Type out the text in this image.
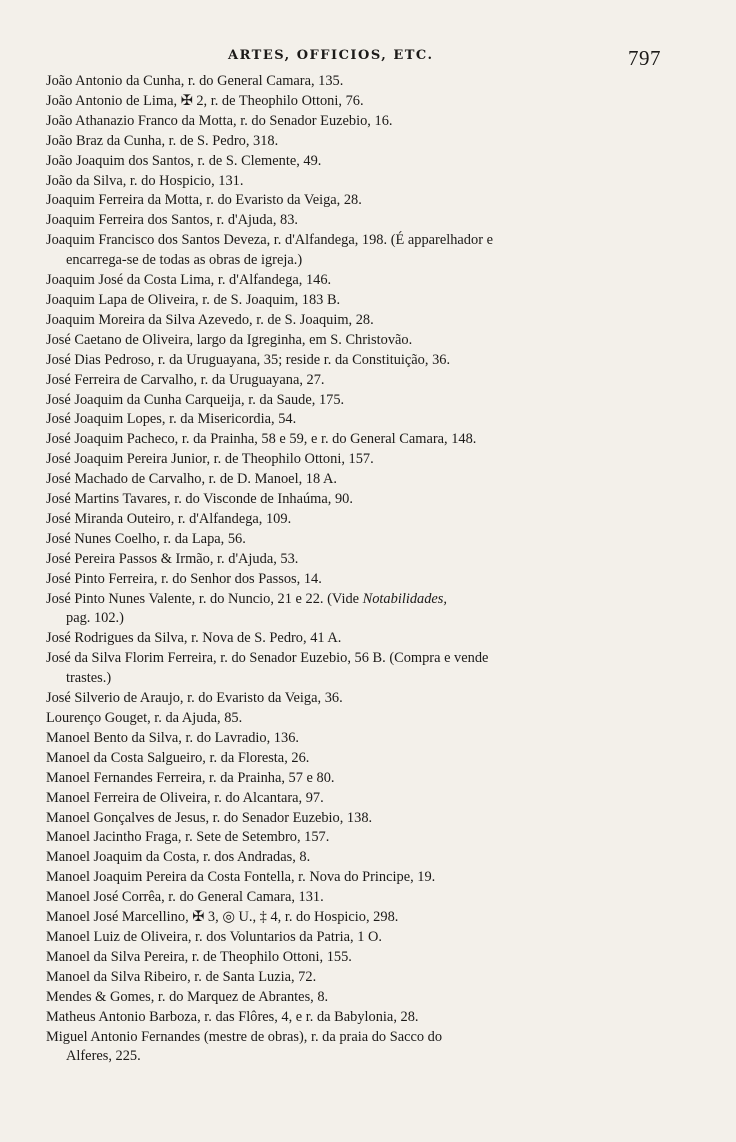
ARTES, OFFICIOS, ETC.	797
João Antonio da Cunha, r. do General Camara, 135.
João Antonio de Lima, ✠ 2, r. de Theophilo Ottoni, 76.
João Athanazio Franco da Motta, r. do Senador Euzebio, 16.
João Braz da Cunha, r. de S. Pedro, 318.
João Joaquim dos Santos, r. de S. Clemente, 49.
João da Silva, r. do Hospicio, 131.
Joaquim Ferreira da Motta, r. do Evaristo da Veiga, 28.
Joaquim Ferreira dos Santos, r. d'Ajuda, 83.
Joaquim Francisco dos Santos Deveza, r. d'Alfandega, 198. (É apparelhador e
encarrega-se de todas as obras de igreja.)
Joaquim José da Costa Lima, r. d'Alfandega, 146.
Joaquim Lapa de Oliveira, r. de S. Joaquim, 183 B.
Joaquim Moreira da Silva Azevedo, r. de S. Joaquim, 28.
José Caetano de Oliveira, largo da Igreginha, em S. Christovão.
José Dias Pedroso, r. da Uruguayana, 35; reside r. da Constituição, 36.
José Ferreira de Carvalho, r. da Uruguayana, 27.
José Joaquim da Cunha Carqueija, r. da Saude, 175.
José Joaquim Lopes, r. da Misericordia, 54.
José Joaquim Pacheco, r. da Prainha, 58 e 59, e r. do General Camara, 148.
José Joaquim Pereira Junior, r. de Theophilo Ottoni, 157.
José Machado de Carvalho, r. de D. Manoel, 18 A.
José Martins Tavares, r. do Visconde de Inhaúma, 90.
José Miranda Outeiro, r. d'Alfandega, 109.
José Nunes Coelho, r. da Lapa, 56.
José Pereira Passos & Irmão, r. d'Ajuda, 53.
José Pinto Ferreira, r. do Senhor dos Passos, 14.
José Pinto Nunes Valente, r. do Nuncio, 21 e 22. (Vide Notabilidades,
pag. 102.)
José Rodrigues da Silva, r. Nova de S. Pedro, 41 A.
José da Silva Florim Ferreira, r. do Senador Euzebio, 56 B. (Compra e vende
trastes.)
José Silverio de Araujo, r. do Evaristo da Veiga, 36.
Lourenço Gouget, r. da Ajuda, 85.
Manoel Bento da Silva, r. do Lavradio, 136.
Manoel da Costa Salgueiro, r. da Floresta, 26.
Manoel Fernandes Ferreira, r. da Prainha, 57 e 80.
Manoel Ferreira de Oliveira, r. do Alcantara, 97.
Manoel Gonçalves de Jesus, r. do Senador Euzebio, 138.
Manoel Jacintho Fraga, r. Sete de Setembro, 157.
Manoel Joaquim da Costa, r. dos Andradas, 8.
Manoel Joaquim Pereira da Costa Fontella, r. Nova do Principe, 19.
Manoel José Corrêa, r. do General Camara, 131.
Manoel José Marcellino, ✠ 3, ◎ U., ‡ 4, r. do Hospicio, 298.
Manoel Luiz de Oliveira, r. dos Voluntarios da Patria, 1 O.
Manoel da Silva Pereira, r. de Theophilo Ottoni, 155.
Manoel da Silva Ribeiro, r. de Santa Luzia, 72.
Mendes & Gomes, r. do Marquez de Abrantes, 8.
Matheus Antonio Barboza, r. das Flôres, 4, e r. da Babylonia, 28.
Miguel Antonio Fernandes (mestre de obras), r. da praia do Sacco do
Alferes, 225.
